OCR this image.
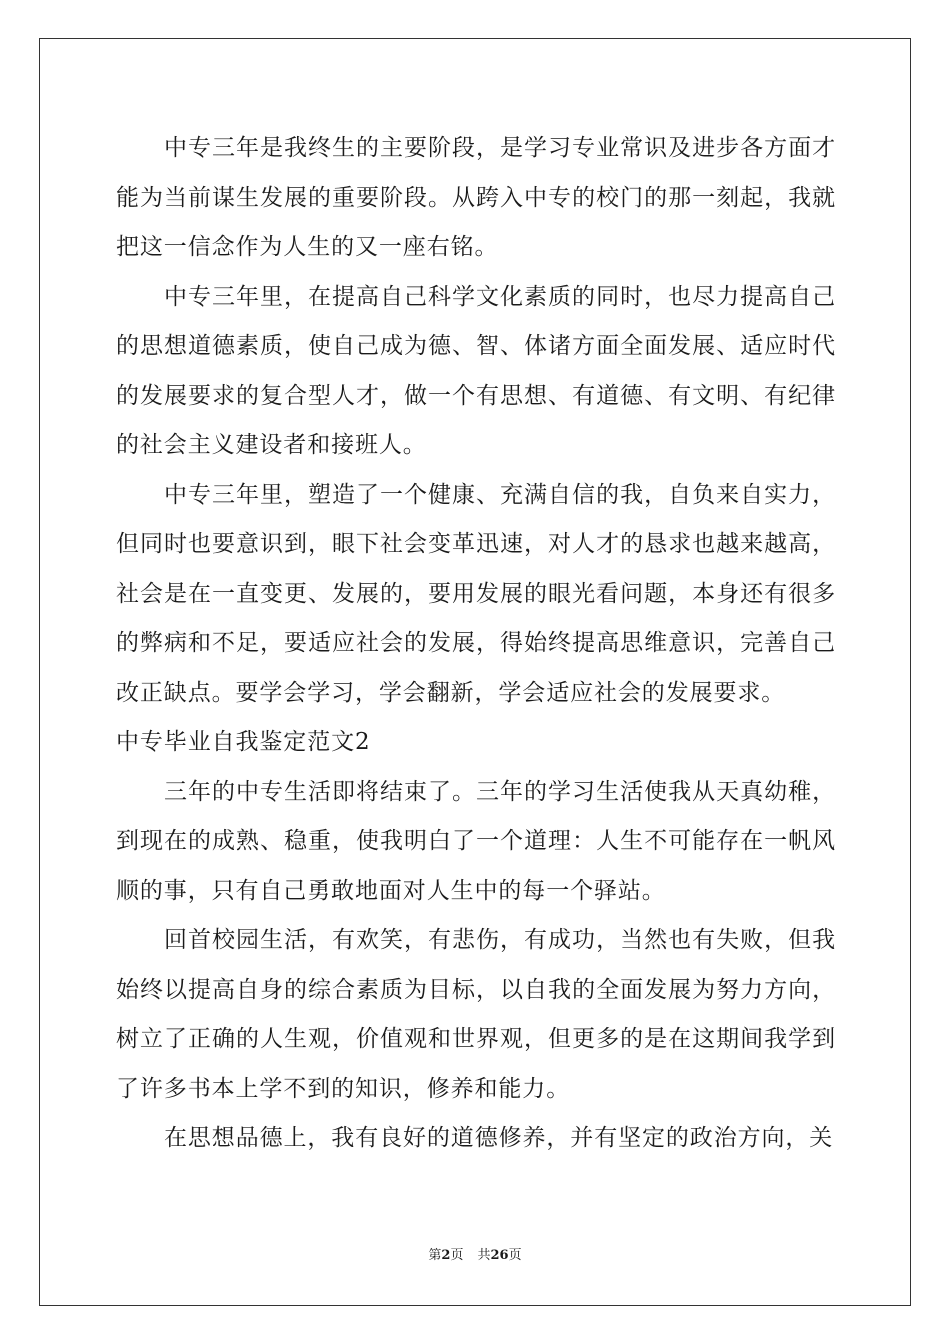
中专三年是我终生的主要阶段，是学习专业常识及进步各方面才能为当前谋生发展的重要阶段。从跨入中专的校门的那一刻起，我就把这一信念作为人生的又一座右铭。

中专三年里，在提高自己科学文化素质的同时，也尽力提高自己的思想道德素质，使自己成为德、智、体诸方面全面发展、适应时代的发展要求的复合型人才，做一个有思想、有道德、有文明、有纪律的社会主义建设者和接班人。

中专三年里，塑造了一个健康、充满自信的我，自负来自实力，但同时也要意识到，眼下社会变革迅速，对人才的恳求也越来越高，社会是在一直变更、发展的，要用发展的眼光看问题，本身还有很多的弊病和不足，要适应社会的发展，得始终提高思维意识，完善自己改正缺点。要学会学习，学会翻新，学会适应社会的发展要求。

中专毕业自我鉴定范文2

三年的中专生活即将结束了。三年的学习生活使我从天真幼稚，到现在的成熟、稳重，使我明白了一个道理：人生不可能存在一帆风顺的事，只有自己勇敢地面对人生中的每一个驿站。

回首校园生活，有欢笑，有悲伤，有成功，当然也有失败，但我始终以提高自身的综合素质为目标，以自我的全面发展为努力方向，树立了正确的人生观，价值观和世界观，但更多的是在这期间我学到了许多书本上学不到的知识，修养和能力。

在思想品德上，我有良好的道德修养，并有坚定的政治方向，关

第2页 共26页
